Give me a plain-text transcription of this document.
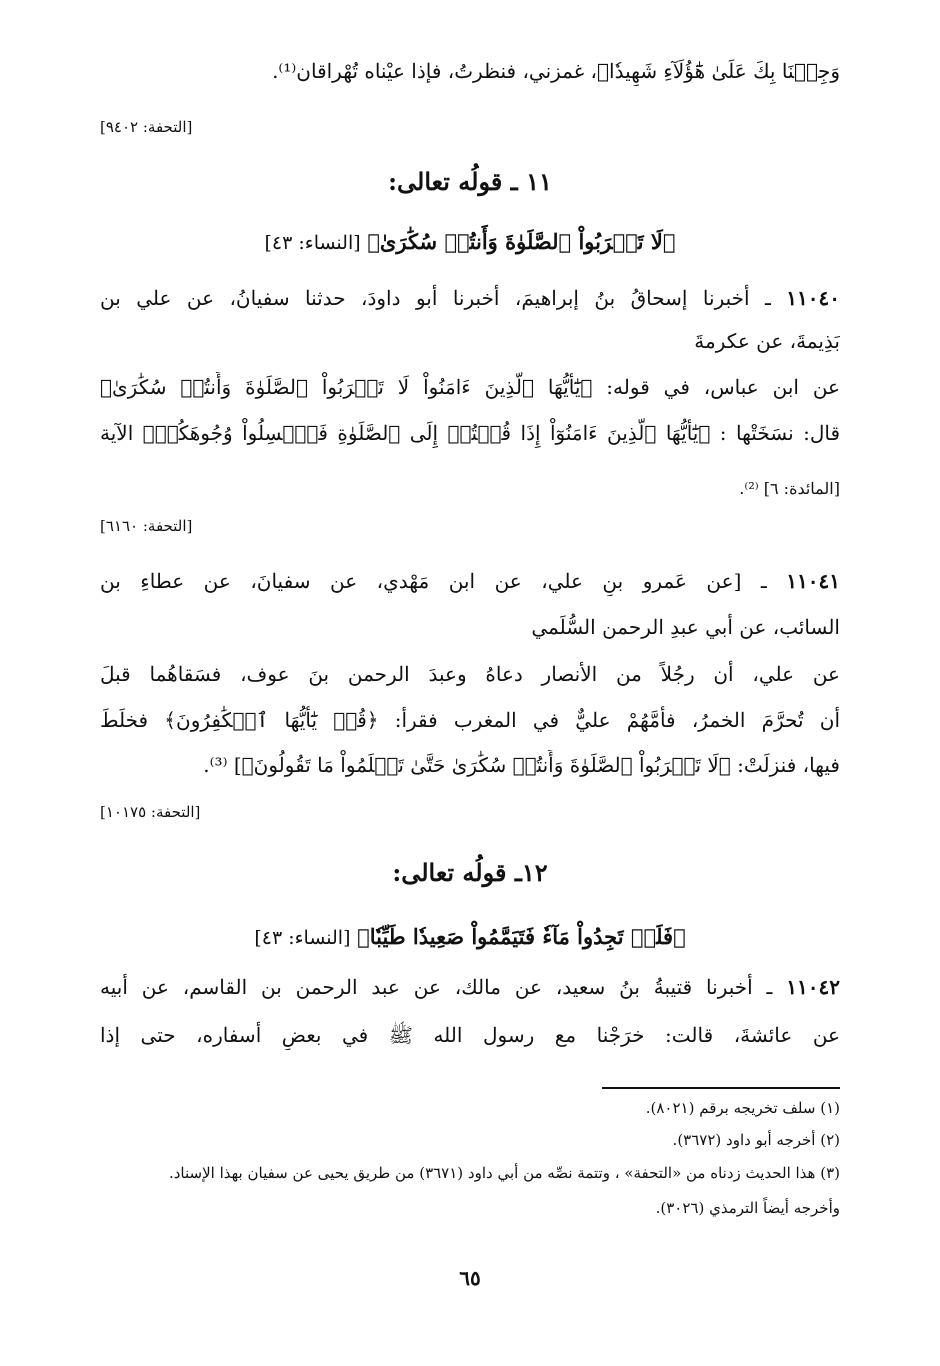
وَجِئۡنَا بِكَ عَلَىٰ هَٰٓؤُلَآءِ شَهِيدٗا﴾، غمزني، فنظرتُ، فإذا عيْناه تُهْراقان⁽¹⁾.
[التحفة: ٩٤٠٢]
١١ ـ قولُه تعالى:
﴿لَا تَقۡرَبُواْ ٱلصَّلَوٰةَ وَأَنتُمۡ سُكَٰرَىٰ﴾ [النساء: ٤٣]
١١٠٤٠ ـ أخبرنا إسحاقُ بنُ إبراهيمَ، أخبرنا أبو داودَ، حدثنا سفيانُ، عن علي بن
بَذِيمةَ، عن عكرمةَ
عن ابن عباس، في قوله: ﴿يَٰٓأَيُّهَا ٱلَّذِينَ ءَامَنُواْ لَا تَقۡرَبُواْ ٱلصَّلَوٰةَ وَأَنتُمۡ سُكَٰرَىٰ﴾
قال: نسَخَتْها : ﴿يَٰٓأَيُّهَا ٱلَّذِينَ ءَامَنُوٓاْ إِذَا قُمۡتُمۡ إِلَى ٱلصَّلَوٰةِ فَٱغۡسِلُواْ وُجُوهَكُمۡ﴾ الآية
[المائدة: ٦] ⁽²⁾.
[التحفة: ٦١٦٠]
١١٠٤١ ـ [عن عَمرو بنِ علي، عن ابن مَهْدي، عن سفيانَ، عن عطاءِ بن
السائب، عن أبي عبدِ الرحمن السُّلَمي
عن علي، أن رجُلاً من الأنصار دعاهُ وعبدَ الرحمن بنَ عوف، فسَقاهُما قبلَ
أن تُحرَّمَ الخمرُ، فأمَّهُمْ عليٌّ في المغرب فقرأ: ﴿قُلۡ يَٰٓأَيُّهَا ٱلۡكَٰفِرُونَ﴾ فخلَطَ
فيها، فنزلَتْ: ﴿لَا تَقۡرَبُواْ ٱلصَّلَوٰةَ وَأَنتُمۡ سُكَٰرَىٰ حَتَّىٰ تَعۡلَمُواْ مَا تَقُولُونَ﴾] ⁽³⁾.
[التحفة: ١٠١٧٥]
١٢ـ قولُه تعالى:
﴿فَلَمۡ تَجِدُواْ مَآءٗ فَتَيَمَّمُواْ صَعِيدٗا طَيِّبٗا﴾ [النساء: ٤٣]
١١٠٤٢ ـ أخبرنا قتيبةُ بنُ سعيد، عن مالك، عن عبد الرحمن بن القاسم، عن أبيه
عن عائشةَ، قالت: خرَجْنا مع رسول الله ﷺ في بعضِ أسفاره، حتى إذا
(١) سلف تخريجه برقم (٨٠٢١).
(٢) أخرجه أبو داود (٣٦٧٢).
(٣) هذا الحديث زدناه من «التحفة» ، وتتمة نصِّه من أبي داود (٣٦٧١) من طريق يحيى عن سفيان بهذا الإسناد.
وأخرجه أيضاً الترمذي (٣٠٢٦).
٦٥
